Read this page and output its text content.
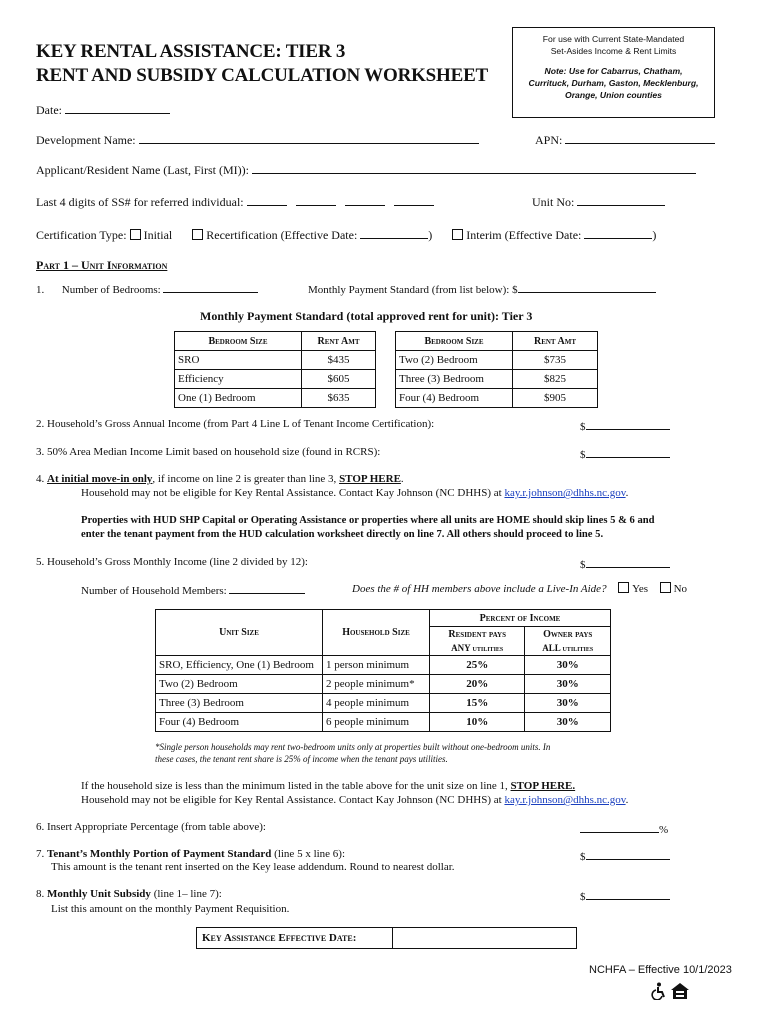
KEY RENTAL ASSISTANCE: TIER 3
RENT AND SUBSIDY CALCULATION WORKSHEET
For use with Current State-Mandated
Set-Asides Income & Rent Limits
Note: Use for Cabarrus, Chatham,
Currituck, Durham, Gaston, Mecklenburg,
Orange, Union counties
Date:
Development Name:	APN:
Applicant/Resident Name (Last, First (MI)):
Last 4 digits of SS# for referred individual:	Unit No:
Certification Type: Initial	Recertification (Effective Date:	)	Interim (Effective Date:	)
Part 1 – Unit Information
1. Number of Bedrooms:	Monthly Payment Standard (from list below): $
Monthly Payment Standard (total approved rent for unit): Tier 3
Bedroom Size	Rent Amt
SRO	$435
Efficiency	$605
One (1) Bedroom	$635
Bedroom Size	Rent Amt
Two (2) Bedroom	$735
Three (3) Bedroom	$825
Four (4) Bedroom	$905
2. Household’s Gross Annual Income (from Part 4 Line L of Tenant Income Certification):	$
3. 50% Area Median Income Limit based on household size (found in RCRS):	$
4. At initial move-in only, if income on line 2 is greater than line 3, STOP HERE.
Household may not be eligible for Key Rental Assistance. Contact Kay Johnson (NC DHHS) at kay.r.johnson@dhhs.nc.gov.
Properties with HUD SHP Capital or Operating Assistance or properties where all units are HOME should skip lines 5 & 6 and
enter the tenant payment from the HUD calculation worksheet directly on line 7. All others should proceed to line 5.
5. Household’s Gross Monthly Income (line 2 divided by 12):	$
Number of Household Members:	Does the # of HH members above include a Live-In Aide? Yes No
Unit Size	Household Size	Percent of Income	
		Resident pays	Owner pays
		ANY utilities	ALL utilities
SRO, Efficiency, One (1) Bedroom	1 person minimum	25%	30%
Two (2) Bedroom	2 people minimum*	20%	30%
Three (3) Bedroom	4 people minimum	15%	30%
Four (4) Bedroom	6 people minimum	10%	30%
*Single person households may rent two-bedroom units only at properties built without one-bedroom units. In
these cases, the tenant rent share is 25% of income when the tenant pays utilities.
If the household size is less than the minimum listed in the table above for the unit size on line 1, STOP HERE.
Household may not be eligible for Key Rental Assistance. Contact Kay Johnson (NC DHHS) at kay.r.johnson@dhhs.nc.gov.
6. Insert Appropriate Percentage (from table above):	%
7. Tenant’s Monthly Portion of Payment Standard (line 5 x line 6):	$
This amount is the tenant rent inserted on the Key lease addendum. Round to nearest dollar.
8. Monthly Unit Subsidy (line 1– line 7):	$
List this amount on the monthly Payment Requisition.
Key Assistance Effective Date:
NCHFA – Effective 10/1/2023
